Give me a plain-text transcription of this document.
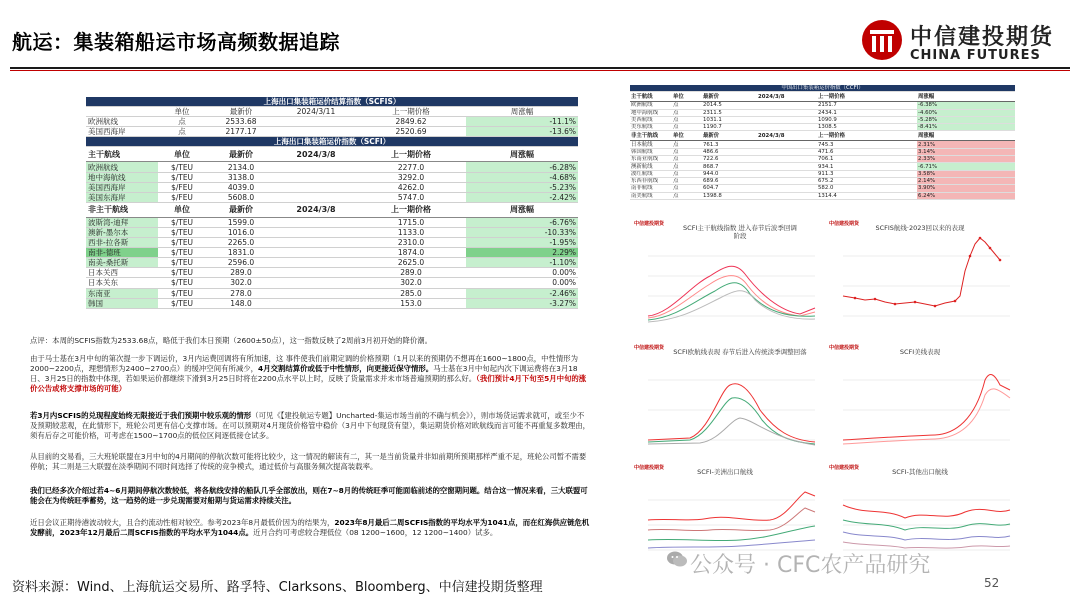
航运：集装箱船运市场高频数据追踪	中信建投期货
CHINA FUTURES
上海出口集装箱运价结算指数（SCFIS）					
	单位	最新价	2024/3/11	上一期价格	周涨幅
欧洲航线	点	2533.68		2849.62	-11.1%
美国西海岸	点	2177.17		2520.69	-13.6%
上海出口集装箱运价指数（SCFI）					
主干航线	单位	最新价	2024/3/8	上一期价格	周涨幅
欧洲航线	$/TEU	2134.0		2277.0	-6.28%
地中海航线	$/TEU	3138.0		3292.0	-4.68%
美国西海岸	$/FEU	4039.0		4262.0	-5.23%
美国东海岸	$/FEU	5608.0		5747.0	-2.42%
非主干航线	单位	最新价	2024/3/8	上一期价格	周涨幅
波斯湾-迪拜	$/TEU	1599.0		1715.0	-6.76%
澳新-墨尔本	$/TEU	1016.0		1133.0	-10.33%
西非-拉各斯	$/TEU	2265.0		2310.0	-1.95%
南非-德班	$/TEU	1831.0		1874.0	2.29%
南美-桑托斯	$/TEU	2596.0		2625.0	-1.10%
日本关西	$/TEU	289.0		289.0	0.00%
日本关东	$/TEU	302.0		302.0	0.00%
东南亚	$/TEU	278.0		285.0	-2.46%
韩国	$/TEU	148.0		153.0	-3.27%
点评：本周的SCFIS指数为2533.68点，略低于我们本日预期（2600±50点），这一指数反映了2周前3月初开始的降价潮。
由于马士基在3月中旬的第次提一步下调运价，3月内运费回调将有所加速，这 事件使我们前期定调的价格预期（1月以来的预期仍不想再在1600~1800点，中性情形为2000~2200点，理想情形为2400~2700点）的缓冲空间有所减少，4月交割结算价或低于中性情形，向更接近保守情形。马士基在3月中旬起内次下调运费将在3月18日、3月25日的指数中体现，若如果运价都继续下滑到3月25日时将在2200点水平以上时，反映了货量需求并未市场普遍预期的那么好。（我们预计4月下旬至5月中旬的涨价公告或将支撑市场的可能）
若3月内SCFIS的兑现程度始终无限接近于我们预期中较乐观的情形（可见《【建投航运专题】Uncharted-集运市场当前的不确与机会》），则市场货运需求就可，或至少不及预期较悲观，在此情形下，班轮公司更有信心支撑市场。在可以预期对4月现货价格管中稳价（3月中下旬现货有望），集运期货价格对欧航线而言可能不再重复多数理由，须有后存之可能价格，可考虑在1500~1700点的低位区间逐低接仓试多。
从目前的交易看，三大班轮联盟在3月中旬的4月期间的停航次数可能将比较少，这一情况的解读有二，其一是当前货量并非如前期所预期那样严重不足，班轮公司暂不需要停航；其二则是三大联盟在淡季期间不同时间选择了传统的竞争模式，通过低价与高服务频次提高装载率。
我们已经多次介绍过若4~6月期间停航次数较低，将各航线安排的船队几乎全部放出，则在7~8月的传统旺季可能面临前述的空窗期问题。结合这一情况来看，三大联盟可能会在为传统旺季蓄势，这一趋势的进一步兑现需要对船期与货运需求持续关注。
近日会议正期待港波动较大，且合约流动性相对较空。参考2023年8月最低价因为的结果为，2023年8月最后二周SCFIS指数的平均水平为1041点，而在红海供应链危机发酵前，2023年12月最后二周SCFIS指数的平均水平为1044点。近月合约可考虑较合理低位（08 1200~1600，12 1200~1400）试多。
中国出口集装箱运价指数（CCFI）					
主干航线	单位	最新价	2024/3/8	上一期价格	周涨幅
欧洲航线	点	2014.5		2151.7	-6.38%
地中海航线	点	2311.5		2434.1	-4.60%
美西航线	点	1031.1		1090.9	-5.28%
美东航线	点	1190.7		1308.5	-8.41%
非主干航线	单位	最新价	2024/3/8	上一期价格	周涨幅
日本航线	点	761.3		745.3	2.31%
韩国航线	点	486.6		471.6	3.14%
东南亚航线	点	722.6		706.1	2.33%
澳新航线	点	868.7		934.1	-6.71%
波红航线	点	944.0		911.3	3.58%
东西非航线	点	689.6		675.2	2.14%
南非航线	点	604.7		582.0	3.90%
南美航线	点	1398.8		1314.4	6.24%
中信建投期货	SCFI主干航线指数 进入春节后波季回调阶段
中信建投期货	SCFIS航线·2023回以来的表现
中信建投期货	SCFI欧航线表现 春节后进入传统淡季调整回落	中信建投期货	SCFI美线表现
中信建投期货	SCFI-美洲出口航线	中信建投期货	SCFI-其他出口航线
公众号 · CFC农产品研究
资料来源：Wind、上海航运交易所、路孚特、Clarksons、Bloomberg、中信建投期货整理	52
